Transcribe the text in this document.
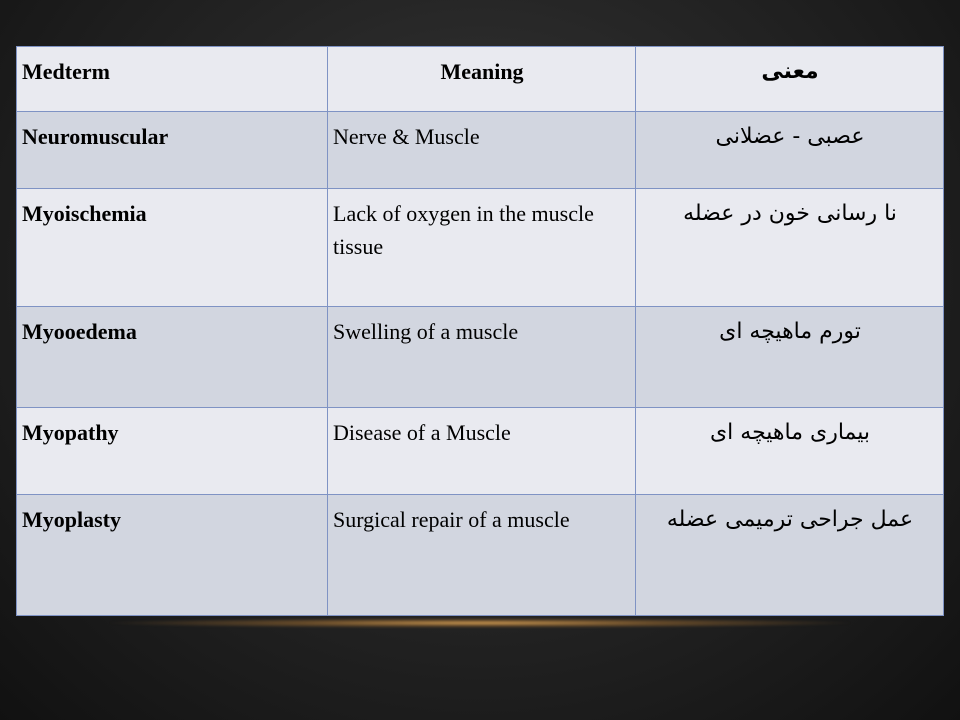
Medterm	Meaning	معنی
Neuromuscular	Nerve & Muscle	عصبی - عضلانی
Myoischemia	Lack of oxygen in the muscle tissue	نا رسانی خون در عضله
Myooedema	Swelling of a muscle	تورم ماهیچه ای
Myopathy	Disease of a Muscle	بیماری ماهیچه ای
Myoplasty	Surgical repair of a muscle	عمل جراحی ترمیمی عضله
